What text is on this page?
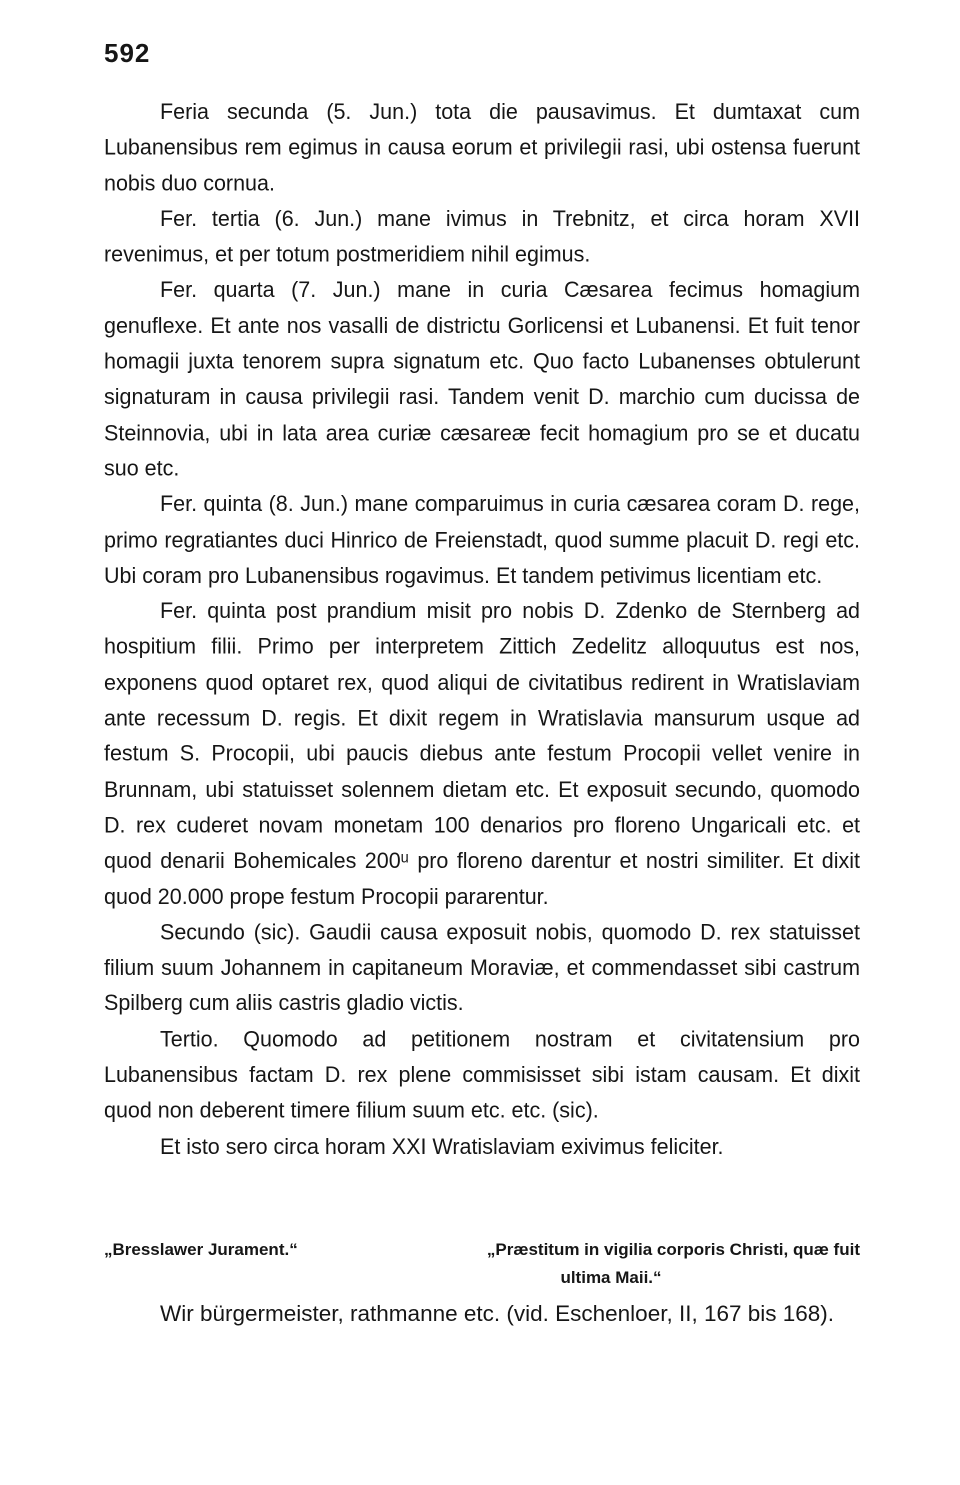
592

Feria secunda (5. Jun.) tota die pausavimus. Et dumtaxat cum Lubanensibus rem egimus in causa eorum et privilegii rasi, ubi ostensa fuerunt nobis duo cornua.

Fer. tertia (6. Jun.) mane ivimus in Trebnitz, et circa horam XVII revenimus, et per totum postmeridiem nihil egimus.

Fer. quarta (7. Jun.) mane in curia Cæsarea fecimus homagium genuflexe. Et ante nos vasalli de districtu Gorlicensi et Lubanensi. Et fuit tenor homagii juxta tenorem supra signatum etc. Quo facto Lubanenses obtulerunt signaturam in causa privilegii rasi. Tandem venit D. marchio cum ducissa de Steinnovia, ubi in lata area curiæ cæsareæ fecit homagium pro se et ducatu suo etc.

Fer. quinta (8. Jun.) mane comparuimus in curia cæsarea coram D. rege, primo regratiantes duci Hinrico de Freienstadt, quod summe placuit D. regi etc. Ubi coram pro Lubanensibus rogavimus. Et tandem petivimus licentiam etc.

Fer. quinta post prandium misit pro nobis D. Zdenko de Sternberg ad hospitium filii. Primo per interpretem Zittich Zedelitz alloquutus est nos, exponens quod optaret rex, quod aliqui de civitatibus redirent in Wratislaviam ante recessum D. regis. Et dixit regem in Wratislavia mansurum usque ad festum S. Procopii, ubi paucis diebus ante festum Procopii vellet venire in Brunnam, ubi statuisset solennem dietam etc. Et exposuit secundo, quomodo D. rex cuderet novam monetam 100 denarios pro floreno Ungaricali etc. et quod denarii Bohemicales 200ᵘ pro floreno darentur et nostri similiter. Et dixit quod 20.000 prope festum Procopii pararentur.

Secundo (sic). Gaudii causa exposuit nobis, quomodo D. rex statuisset filium suum Johannem in capitaneum Moraviæ, et commendasset sibi castrum Spilberg cum aliis castris gladio victis.

Tertio. Quomodo ad petitionem nostram et civitatensium pro Lubanensibus factam D. rex plene commisisset sibi istam causam. Et dixit quod non deberent timere filium suum etc. etc. (sic).

Et isto sero circa horam XXI Wratislaviam exivimus feliciter.

„Bresslawer Jurament.“	„Præstitum in vigilia corporis Christi, quæ fuit
ultima Maii.“

Wir bürgermeister, rathmanne etc. (vid. Eschenloer, II, 167 bis 168).
